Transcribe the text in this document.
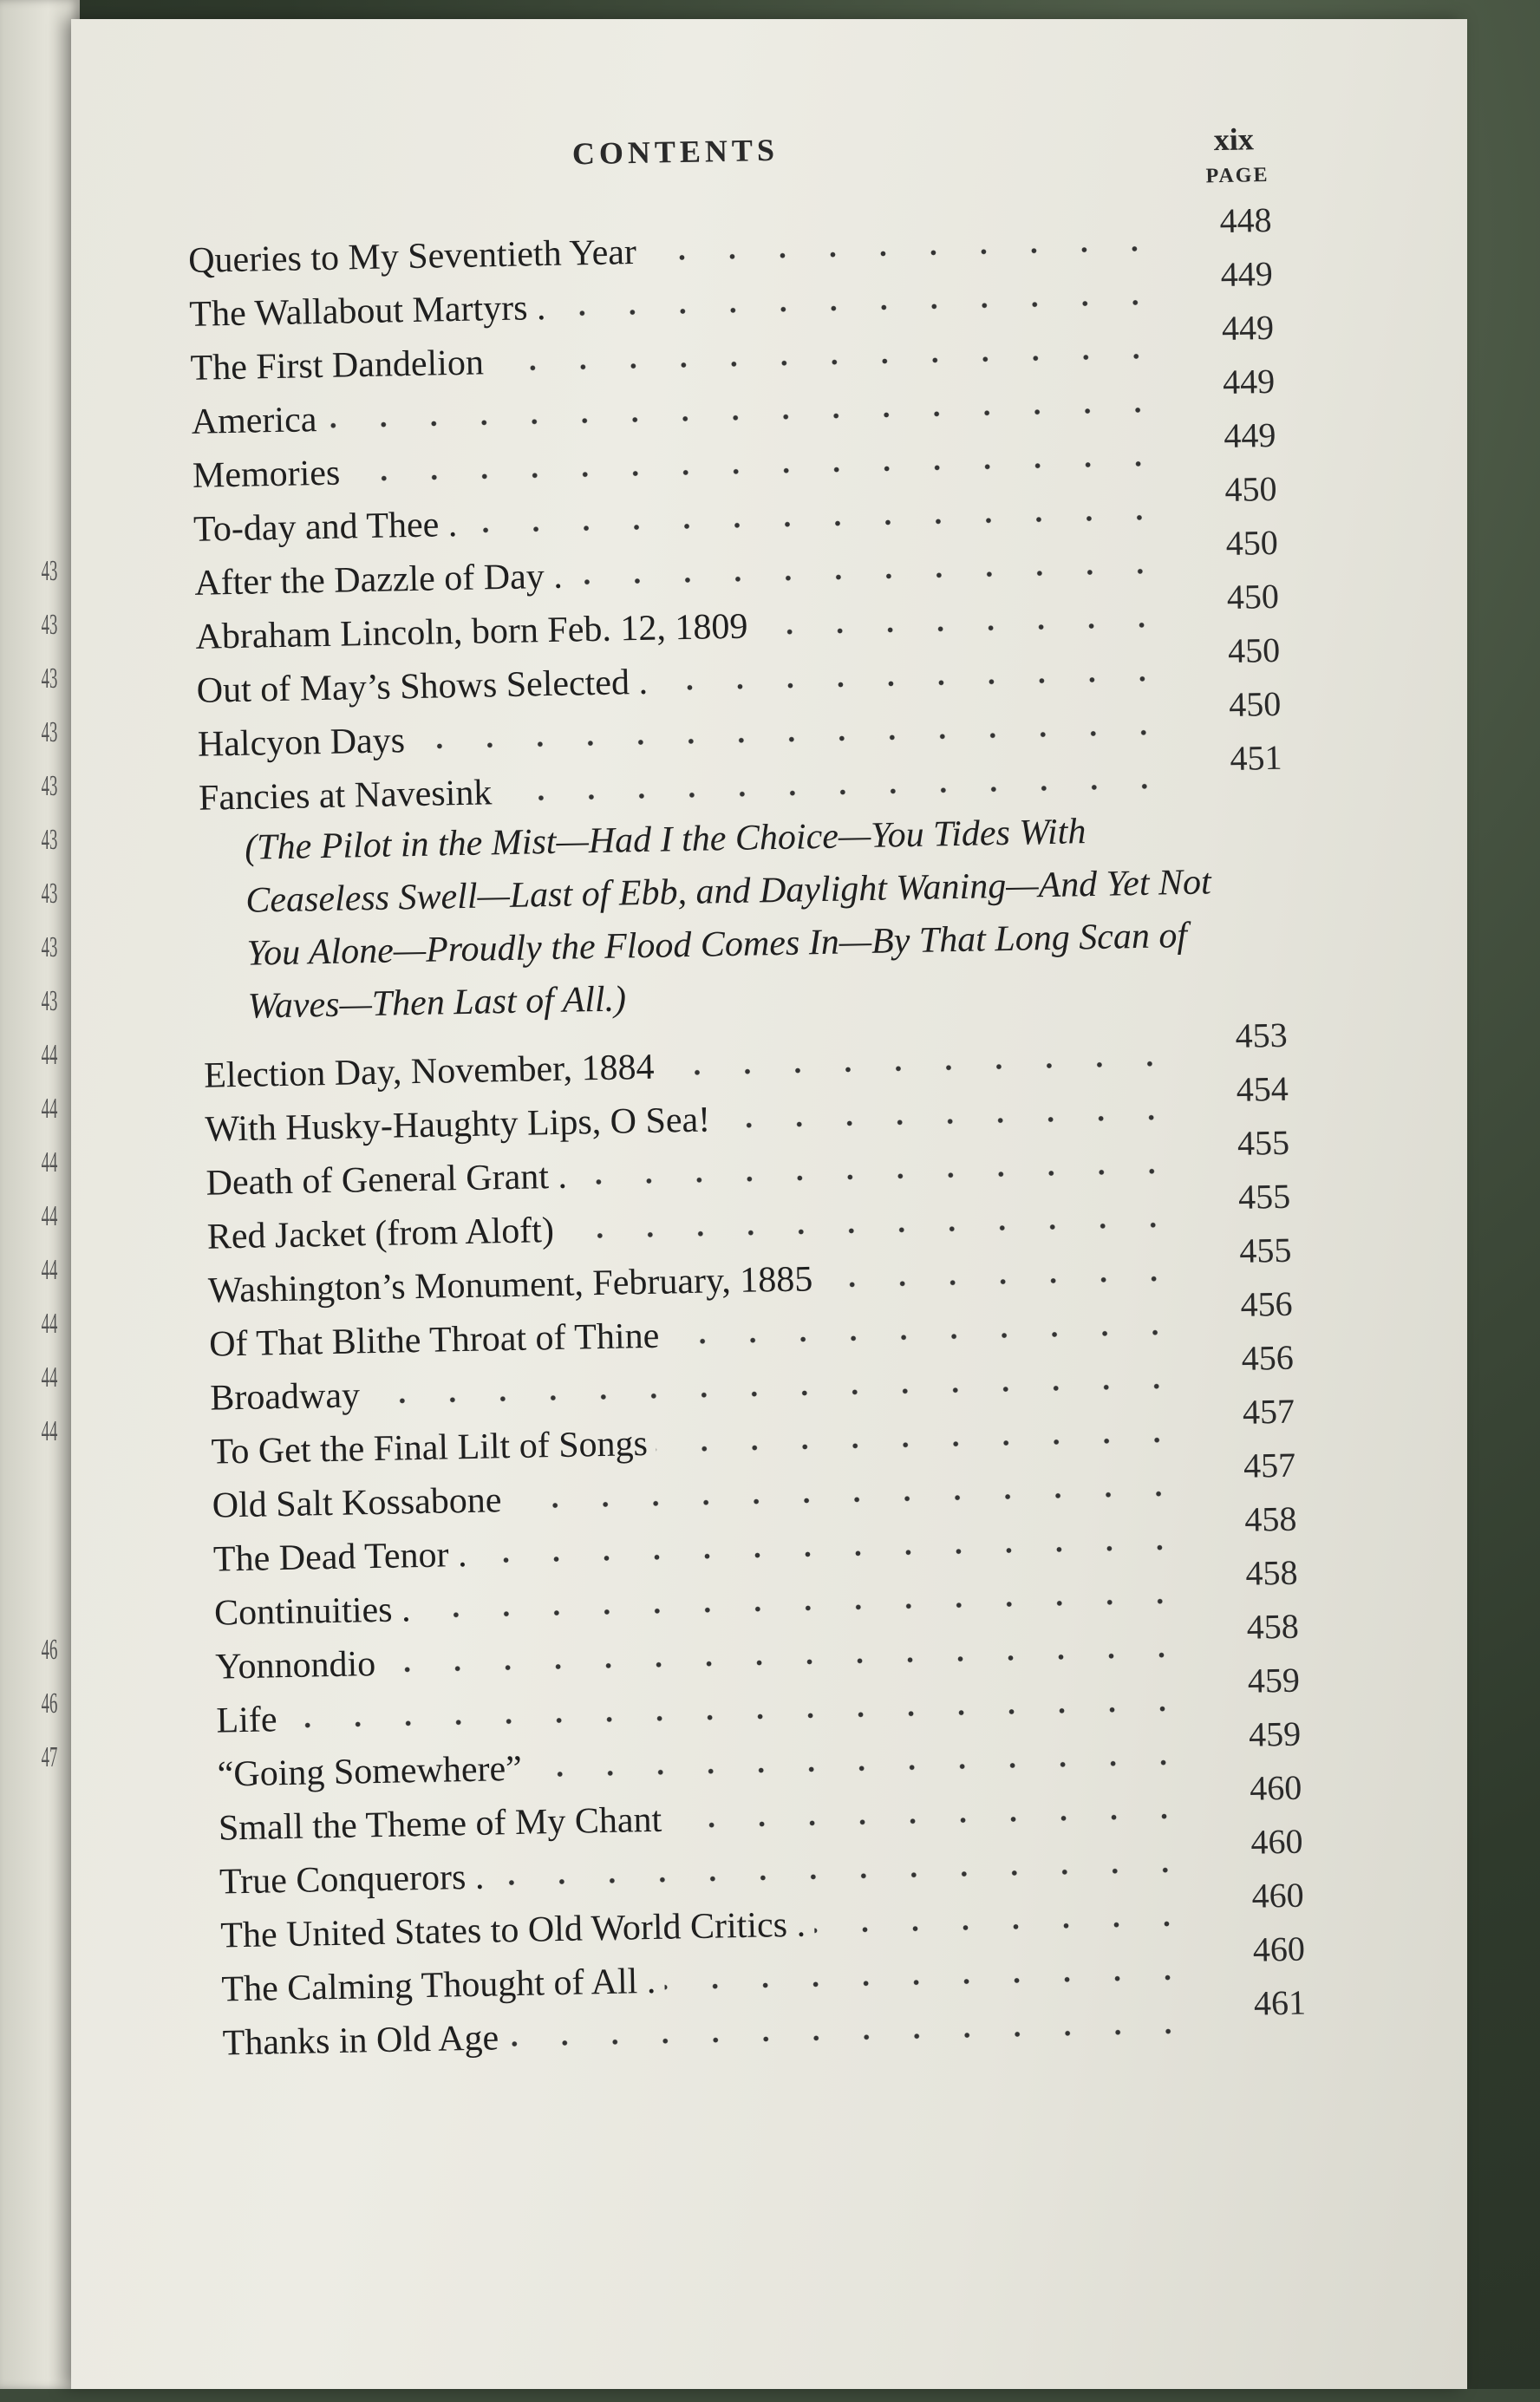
43
43
43
43
43
43
43
43
43
44
44
44
44
44
44
44
44
46
46
47
CONTENTS	xix
PAGE
Queries to My Seventieth Year
448
The Wallabout Martyrs .
449
The First Dandelion
449
America
449
Memories
449
To-day and Thee .
450
After the Dazzle of Day .
450
Abraham Lincoln, born Feb. 12, 1809
450
Out of May’s Shows Selected .
450
Halcyon Days
450
Fancies at Navesink
451
(The Pilot in the Mist—Had I the Choice—You Tides With Ceaseless Swell—Last of Ebb, and Daylight Waning—And Yet Not You Alone—Proudly the Flood Comes In—By That Long Scan of Waves—Then Last of All.)
Election Day, November, 1884
453
With Husky-Haughty Lips, O Sea!
454
Death of General Grant .
455
Red Jacket (from Aloft)
455
Washington’s Monument, February, 1885
455
Of That Blithe Throat of Thine
456
Broadway
456
To Get the Final Lilt of Songs
457
Old Salt Kossabone
457
The Dead Tenor .
458
Continuities .
458
Yonnondio
458
Life
459
“Going Somewhere”
459
Small the Theme of My Chant
460
True Conquerors .
460
The United States to Old World Critics .
460
The Calming Thought of All .
460
Thanks in Old Age
461
